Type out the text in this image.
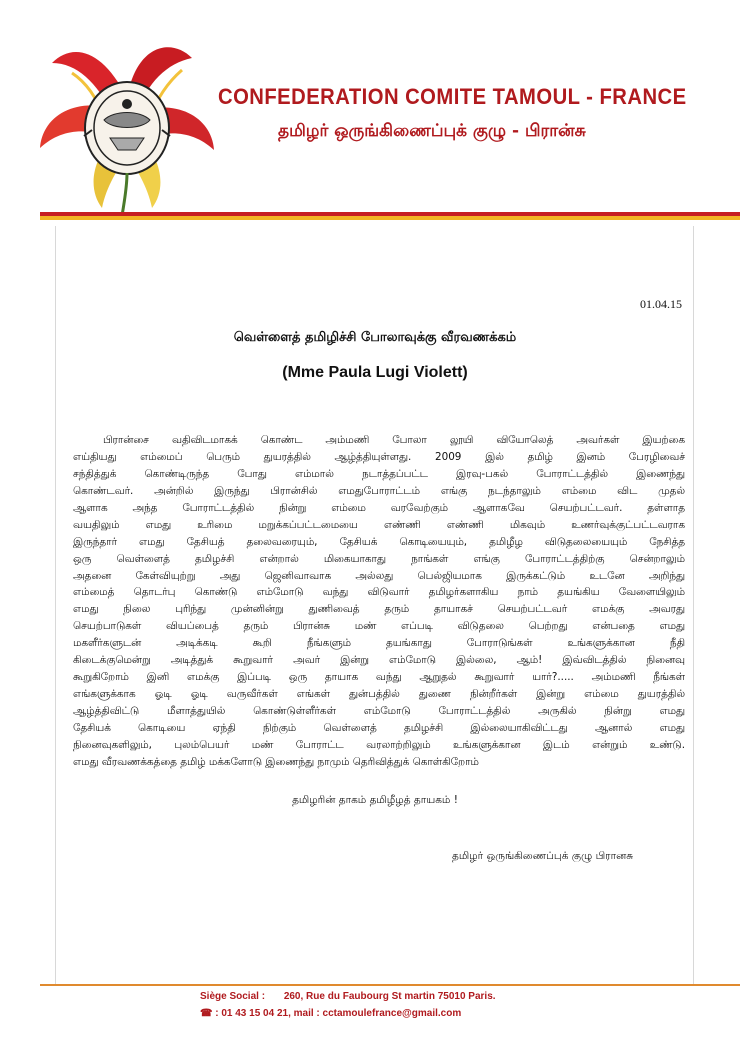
CONFEDERATION COMITE TAMOUL - FRANCE
தமிழர் ஒருங்கிணைப்புக் குழு - பிரான்சு
01.04.15
வெள்ளைத் தமிழிச்சி போலாவுக்கு வீரவணக்கம்
(Mme Paula Lugi Violett)
பிரான்சை வதிவிடமாகக் கொண்ட அம்மணி போலா லூயி வியோலெத் அவர்கள் இயற்கை
எய்தியது எம்மைப் பெரும் துயரத்தில் ஆழ்த்தியுள்ளது. 2009 இல் தமிழ் இனம் பேரழிவைச்
சந்தித்துக் கொண்டிருந்த போது எம்மால் நடாத்தப்பட்ட இரவு-பகல் போராட்டத்தில் இணைந்து
கொண்டவர். அன்றில் இருந்து பிரான்சில் எமதுபோராட்டம் எங்கு நடந்தாலும் எம்மை விட முதல்
ஆளாக அந்த போராட்டத்தில் நின்று எம்மை வரவேற்கும் ஆளாகவே செயற்பட்டவர். தள்ளாத
வயதிலும் எமது உரிமை மறுக்கப்பட்டமையை எண்ணி எண்ணி மிகவும் உணர்வுக்குட்பட்டவராக
இருந்தார் எமது தேசியத் தலைவரையும், தேசியக் கொடியையும், தமிழீழ விடுதலையையும் நேசித்த
ஒரு வெள்ளைத் தமிழச்சி என்றால் மிகையாகாது நாங்கள் எங்கு போராட்டத்திற்கு சென்றாலும்
அதனை கேள்வியுற்று அது ஜெனிவாவாக அல்லது பெல்ஜியமாக இருக்கட்டும் உடனே அறிந்து
எம்மைத் தொடர்பு கொண்டு எம்மோடு வந்து விடுவார் தமிழர்களாகிய நாம் தயங்கிய வேளையிலும்
எமது நிலை புரிந்து முன்னின்று துணிவைத் தரும் தாயாகச் செயற்பட்டவர் எமக்கு அவரது
செயற்பாடுகள் வியப்பைத் தரும் பிரான்சு மண் எப்படி விடுதலை பெற்றது என்பதை எமது
மகளீர்களுடன் அடிக்கடி கூறி நீங்களும் தயங்காது போராடுங்கள் உங்களுக்கான நீதி
கிடைக்குமென்று அடித்துக் கூறுவார் அவர் இன்று எம்மோடு இல்லை, ஆம்! இவ்விடத்தில் நினைவு
கூறுகிறோம் இனி எமக்கு இப்படி ஒரு தாயாக வந்து ஆறுதல் கூறுவார் யார்?..... அம்மணி நீங்கள்
எங்களுக்காக ஓடி ஓடி வருவீர்கள் எங்கள் துன்பத்தில் துணை நின்றீர்கள் இன்று எம்மை துயரத்தில்
ஆழ்த்திவிட்டு மீளாத்துயில் கொண்டுள்ளீர்கள் எம்மோடு போராட்டத்தில் அருகில் நின்று எமது
தேசியக் கொடியை ஏந்தி நிற்கும் வெள்ளைத் தமிழச்சி இல்லையாகிவிட்டது ஆனால் எமது
நினைவுகளிலும், புலம்பெயர் மண் போராட்ட வரலாற்றிலும் உங்களுக்கான இடம் என்றும் உண்டு.
எமது வீரவணக்கத்தை தமிழ் மக்களோடு இணைந்து நாமும் தெரிவித்துக் கொள்கிறோம்
தமிழரின் தாகம் தமிழீழத் தாயகம் !
தமிழர் ஒருங்கிணைப்புக் குழு பிரானசு
Siège Social : 260, Rue du Faubourg St martin 75010 Paris.
☎ : 01 43 15 04 21, mail : cctamoulefrance@gmail.com
